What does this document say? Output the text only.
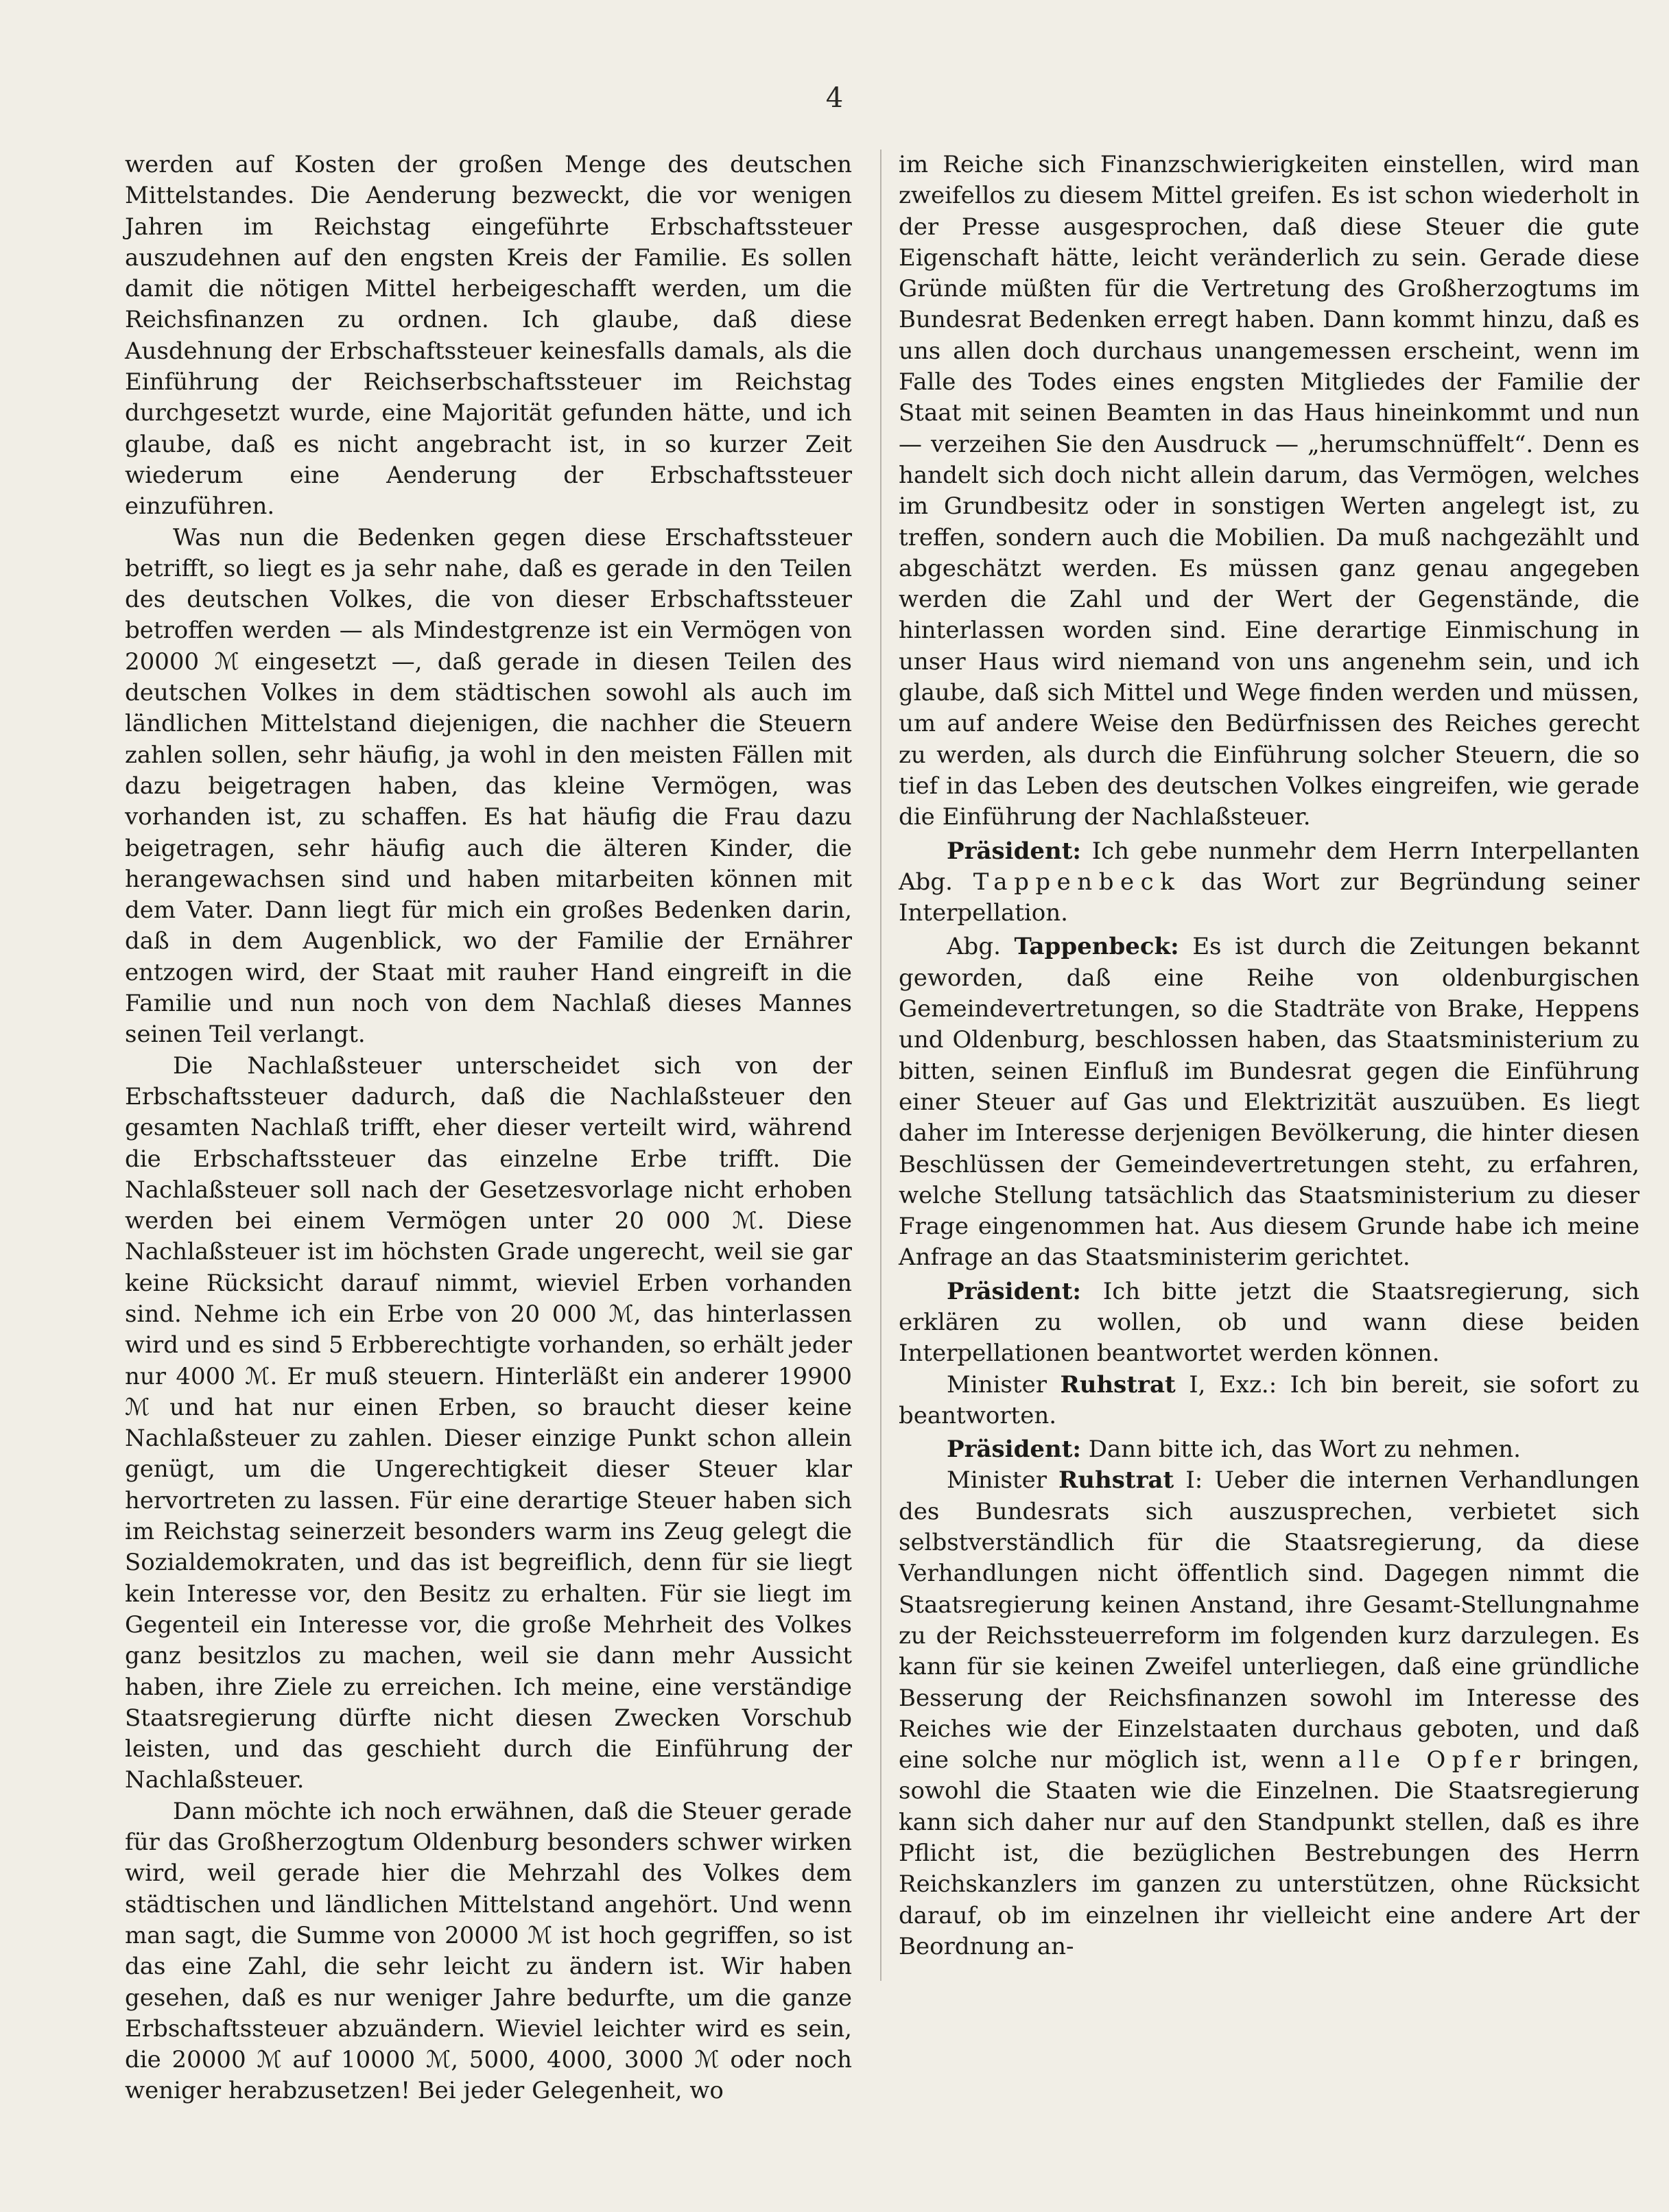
4

werden auf Kosten der großen Menge des deutschen Mittelstandes. Die Aenderung bezweckt, die vor wenigen Jahren im Reichstag eingeführte Erbschaftssteuer auszudehnen auf den engsten Kreis der Familie. Es sollen damit die nötigen Mittel herbeigeschafft werden, um die Reichsfinanzen zu ordnen. Ich glaube, daß diese Ausdehnung der Erbschaftssteuer keinesfalls damals, als die Einführung der Reichserbschaftssteuer im Reichstag durchgesetzt wurde, eine Majorität gefunden hätte, und ich glaube, daß es nicht angebracht ist, in so kurzer Zeit wiederum eine Aenderung der Erbschaftssteuer einzuführen.

Was nun die Bedenken gegen diese Erschaftssteuer betrifft, so liegt es ja sehr nahe, daß es gerade in den Teilen des deutschen Volkes, die von dieser Erbschaftssteuer betroffen werden — als Mindestgrenze ist ein Vermögen von 20000 ℳ eingesetzt —, daß gerade in diesen Teilen des deutschen Volkes in dem städtischen sowohl als auch im ländlichen Mittelstand diejenigen, die nachher die Steuern zahlen sollen, sehr häufig, ja wohl in den meisten Fällen mit dazu beigetragen haben, das kleine Vermögen, was vorhanden ist, zu schaffen. Es hat häufig die Frau dazu beigetragen, sehr häufig auch die älteren Kinder, die herangewachsen sind und haben mitarbeiten können mit dem Vater. Dann liegt für mich ein großes Bedenken darin, daß in dem Augenblick, wo der Familie der Ernährer entzogen wird, der Staat mit rauher Hand eingreift in die Familie und nun noch von dem Nachlaß dieses Mannes seinen Teil verlangt.

Die Nachlaßsteuer unterscheidet sich von der Erbschaftssteuer dadurch, daß die Nachlaßsteuer den gesamten Nachlaß trifft, eher dieser verteilt wird, während die Erbschaftssteuer das einzelne Erbe trifft. Die Nachlaßsteuer soll nach der Gesetzesvorlage nicht erhoben werden bei einem Vermögen unter 20 000 ℳ. Diese Nachlaßsteuer ist im höchsten Grade ungerecht, weil sie gar keine Rücksicht darauf nimmt, wieviel Erben vorhanden sind. Nehme ich ein Erbe von 20 000 ℳ, das hinterlassen wird und es sind 5 Erbberechtigte vorhanden, so erhält jeder nur 4000 ℳ. Er muß steuern. Hinterläßt ein anderer 19900 ℳ und hat nur einen Erben, so braucht dieser keine Nachlaßsteuer zu zahlen. Dieser einzige Punkt schon allein genügt, um die Ungerechtigkeit dieser Steuer klar hervortreten zu lassen. Für eine derartige Steuer haben sich im Reichstag seinerzeit besonders warm ins Zeug gelegt die Sozialdemokraten, und das ist begreiflich, denn für sie liegt kein Interesse vor, den Besitz zu erhalten. Für sie liegt im Gegenteil ein Interesse vor, die große Mehrheit des Volkes ganz besitzlos zu machen, weil sie dann mehr Aussicht haben, ihre Ziele zu erreichen. Ich meine, eine verständige Staatsregierung dürfte nicht diesen Zwecken Vorschub leisten, und das geschieht durch die Einführung der Nachlaßsteuer.

Dann möchte ich noch erwähnen, daß die Steuer gerade für das Großherzogtum Oldenburg besonders schwer wirken wird, weil gerade hier die Mehrzahl des Volkes dem städtischen und ländlichen Mittelstand angehört. Und wenn man sagt, die Summe von 20000 ℳ ist hoch gegriffen, so ist das eine Zahl, die sehr leicht zu ändern ist. Wir haben gesehen, daß es nur weniger Jahre bedurfte, um die ganze Erbschaftssteuer abzuändern. Wieviel leichter wird es sein, die 20000 ℳ auf 10000 ℳ, 5000, 4000, 3000 ℳ oder noch weniger herabzusetzen! Bei jeder Gelegenheit, wo

im Reiche sich Finanzschwierigkeiten einstellen, wird man zweifellos zu diesem Mittel greifen. Es ist schon wiederholt in der Presse ausgesprochen, daß diese Steuer die gute Eigenschaft hätte, leicht veränderlich zu sein. Gerade diese Gründe müßten für die Vertretung des Großherzogtums im Bundesrat Bedenken erregt haben. Dann kommt hinzu, daß es uns allen doch durchaus unangemessen erscheint, wenn im Falle des Todes eines engsten Mitgliedes der Familie der Staat mit seinen Beamten in das Haus hineinkommt und nun — verzeihen Sie den Ausdruck — „herumschnüffelt“. Denn es handelt sich doch nicht allein darum, das Vermögen, welches im Grundbesitz oder in sonstigen Werten angelegt ist, zu treffen, sondern auch die Mobilien. Da muß nachgezählt und abgeschätzt werden. Es müssen ganz genau angegeben werden die Zahl und der Wert der Gegenstände, die hinterlassen worden sind. Eine derartige Einmischung in unser Haus wird niemand von uns angenehm sein, und ich glaube, daß sich Mittel und Wege finden werden und müssen, um auf andere Weise den Bedürfnissen des Reiches gerecht zu werden, als durch die Einführung solcher Steuern, die so tief in das Leben des deutschen Volkes eingreifen, wie gerade die Einführung der Nachlaßsteuer.

Präsident: Ich gebe nunmehr dem Herrn Interpellanten Abg. Tappenbeck das Wort zur Begründung seiner Interpellation.

Abg. Tappenbeck: Es ist durch die Zeitungen bekannt geworden, daß eine Reihe von oldenburgischen Gemeindevertretungen, so die Stadträte von Brake, Heppens und Oldenburg, beschlossen haben, das Staatsministerium zu bitten, seinen Einfluß im Bundesrat gegen die Einführung einer Steuer auf Gas und Elektrizität auszuüben. Es liegt daher im Interesse derjenigen Bevölkerung, die hinter diesen Beschlüssen der Gemeindevertretungen steht, zu erfahren, welche Stellung tatsächlich das Staatsministerium zu dieser Frage eingenommen hat. Aus diesem Grunde habe ich meine Anfrage an das Staatsministerim gerichtet.

Präsident: Ich bitte jetzt die Staatsregierung, sich erklären zu wollen, ob und wann diese beiden Interpellationen beantwortet werden können.

Minister Ruhstrat I, Exz.: Ich bin bereit, sie sofort zu beantworten.

Präsident: Dann bitte ich, das Wort zu nehmen.

Minister Ruhstrat I: Ueber die internen Verhandlungen des Bundesrats sich auszusprechen, verbietet sich selbstverständlich für die Staatsregierung, da diese Verhandlungen nicht öffentlich sind. Dagegen nimmt die Staatsregierung keinen Anstand, ihre Gesamt-Stellungnahme zu der Reichssteuerreform im folgenden kurz darzulegen. Es kann für sie keinen Zweifel unterliegen, daß eine gründliche Besserung der Reichsfinanzen sowohl im Interesse des Reiches wie der Einzelstaaten durchaus geboten, und daß eine solche nur möglich ist, wenn alle Opfer bringen, sowohl die Staaten wie die Einzelnen. Die Staatsregierung kann sich daher nur auf den Standpunkt stellen, daß es ihre Pflicht ist, die bezüglichen Bestrebungen des Herrn Reichskanzlers im ganzen zu unterstützen, ohne Rücksicht darauf, ob im einzelnen ihr vielleicht eine andere Art der Beordnung an-
